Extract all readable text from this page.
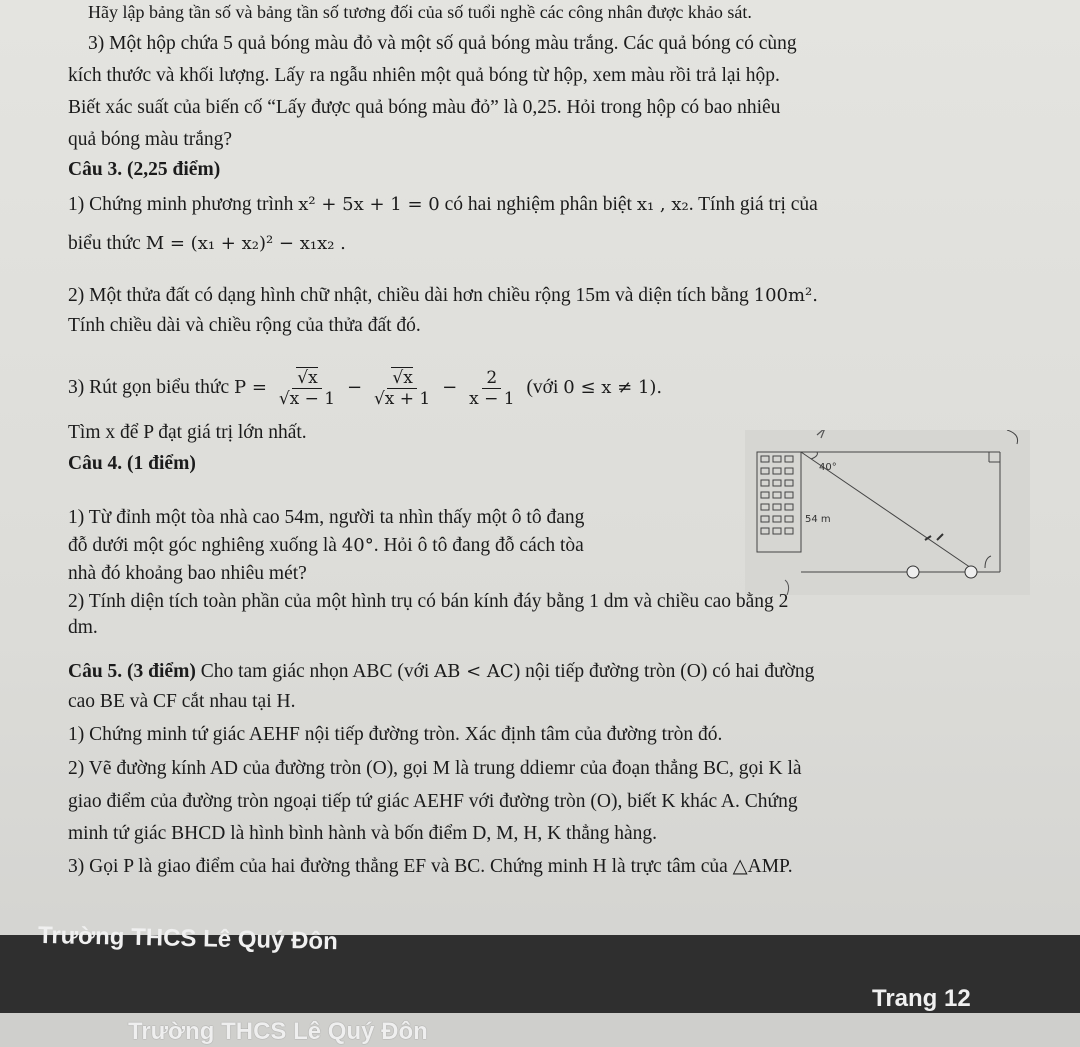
Hãy lập bảng tần số và bảng tần số tương đối của số tuổi nghề các công nhân được khảo sát.
3) Một hộp chứa 5 quả bóng màu đỏ và một số quả bóng màu trắng. Các quả bóng có cùng
kích thước và khối lượng. Lấy ra ngẫu nhiên một quả bóng từ hộp, xem màu rồi trả lại hộp.
Biết xác suất của biến cố “Lấy được quả bóng màu đỏ” là 0,25. Hỏi trong hộp có bao nhiêu
quả bóng màu trắng?
Câu 3. (2,25 điểm)
1) Chứng minh phương trình x² + 5x + 1 = 0 có hai nghiệm phân biệt x₁ , x₂. Tính giá trị của
biểu thức M = (x₁ + x₂)² − x₁x₂ .
2) Một thửa đất có dạng hình chữ nhật, chiều dài hơn chiều rộng 15m và diện tích bằng 100m².
Tính chiều dài và chiều rộng của thửa đất đó.
3) Rút gọn biểu thức $P = \frac{√x}{√x - 1} - \frac{√x}{√x + 1} - \frac{2}{x - 1}$ (với 0 ≤ x ≠ 1).
Tìm x để P đạt giá trị lớn nhất.
Câu 4. (1 điểm)
1) Từ đỉnh một tòa nhà cao 54m, người ta nhìn thấy một ô tô đang
đỗ dưới một góc nghiêng xuống là 40°. Hỏi ô tô đang đỗ cách tòa
nhà đó khoảng bao nhiêu mét?
40°
54 m
2) Tính diện tích toàn phần của một hình trụ có bán kính đáy bằng 1 dm và chiều cao bằng 2
dm.
Câu 5. (3 điểm) Cho tam giác nhọn ABC (với AB < AC) nội tiếp đường tròn (O) có hai đường
cao BE và CF cắt nhau tại H.
1) Chứng minh tứ giác AEHF nội tiếp đường tròn. Xác định tâm của đường tròn đó.
2) Vẽ đường kính AD của đường tròn (O), gọi M là trung ddiemr của đoạn thẳng BC, gọi K là
giao điểm của đường tròn ngoại tiếp tứ giác AEHF với đường tròn (O), biết K khác A. Chứng
minh tứ giác BHCD là hình bình hành và bốn điểm D, M, H, K thẳng hàng.
3) Gọi P là giao điểm của hai đường thẳng EF và BC. Chứng minh H là trực tâm của △AMP.
Trường THCS Lê Quý Đôn
Trang 12
Trường THCS Lê Quý Đôn
